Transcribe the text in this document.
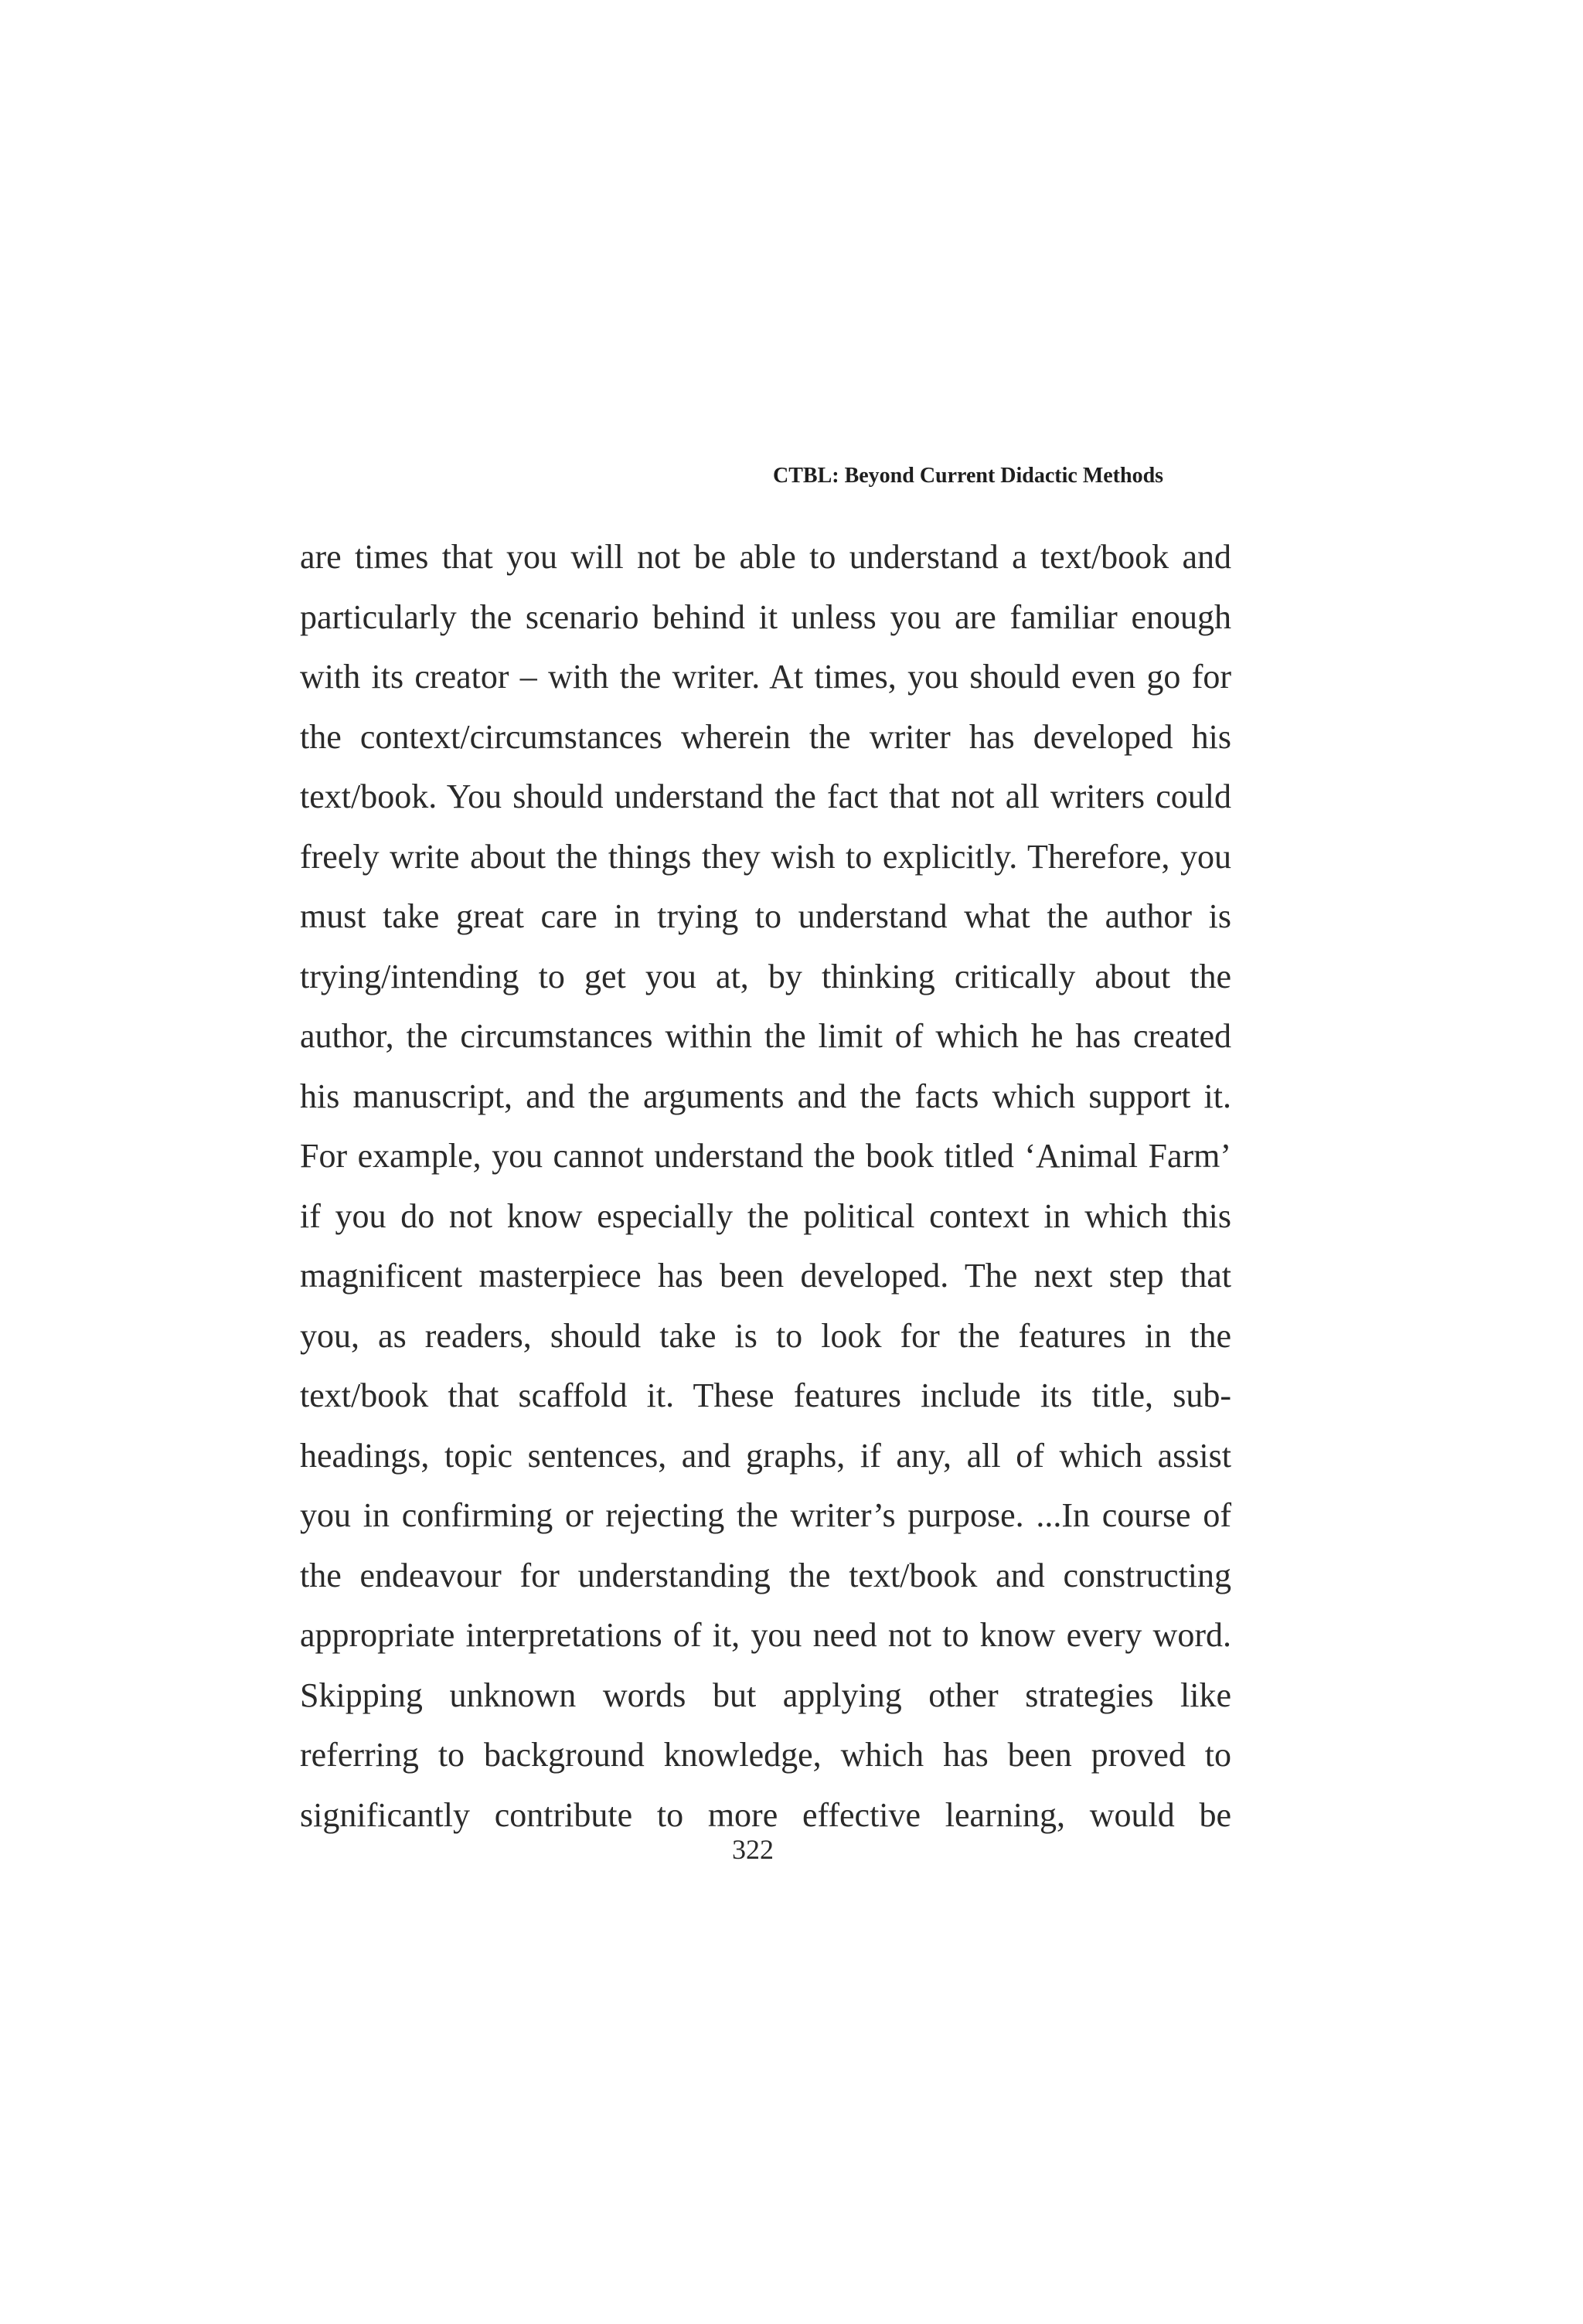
CTBL: Beyond Current Didactic Methods
are times that you will not be able to understand a text/book and
particularly the scenario behind it unless you are familiar enough
with its creator – with the writer. At times, you should even go for
the context/circumstances wherein the writer has developed his
text/book. You should understand the fact that not all writers could
freely write about the things they wish to explicitly. Therefore, you
must take great care in trying to understand what the author is
trying/intending to get you at, by thinking critically about the
author, the circumstances within the limit of which he has created
his manuscript, and the arguments and the facts which support it.
For example, you cannot understand the book titled ‘Animal Farm’
if you do not know especially the political context in which this
magnificent masterpiece has been developed. The next step that
you, as readers, should take is to look for the features in the
text/book that scaffold it. These features include its title, sub-
headings, topic sentences, and graphs, if any, all of which assist
you in confirming or rejecting the writer’s purpose. ...In course of
the endeavour for understanding the text/book and constructing
appropriate interpretations of it, you need not to know every word.
Skipping unknown words but applying other strategies like
referring to background knowledge, which has been proved to
significantly contribute to more effective learning, would be
322
